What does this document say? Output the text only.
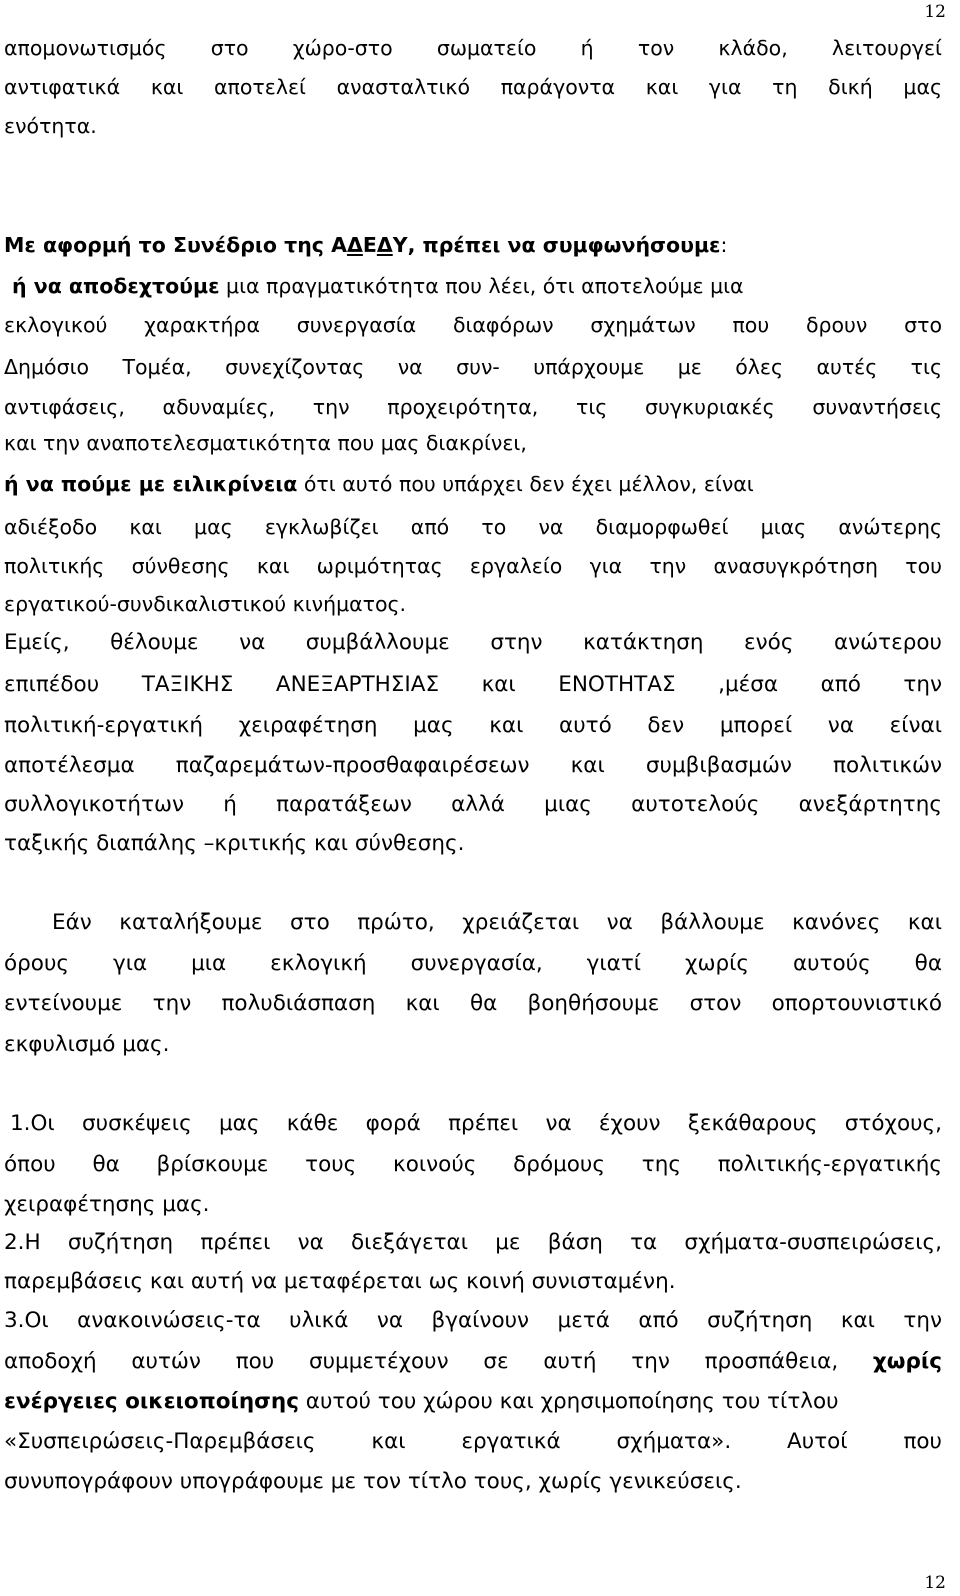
12
απομονωτισμός στο χώρο-στο σωματείο ή τον κλάδο, λειτουργεί
αντιφατικά και αποτελεί ανασταλτικό παράγοντα και για τη δική μας
ενότητα.
Με αφορμή το Συνέδριο της ΑΔΕΔΥ, πρέπει να συμφωνήσουμε:
ή να αποδεχτούμε μια πραγματικότητα που λέει, ότι αποτελούμε μια
εκλογικού χαρακτήρα συνεργασία διαφόρων σχημάτων που δρουν στο
Δημόσιο Τομέα, συνεχίζοντας να συν- υπάρχουμε με όλες αυτές τις
αντιφάσεις, αδυναμίες, την προχειρότητα, τις συγκυριακές συναντήσεις
και την αναποτελεσματικότητα που μας διακρίνει,
ή να πούμε με ειλικρίνεια ότι αυτό που υπάρχει δεν έχει μέλλον, είναι
αδιέξοδο και μας εγκλωβίζει από το να διαμορφωθεί μιας ανώτερης
πολιτικής σύνθεσης και ωριμότητας εργαλείο για την ανασυγκρότηση του
εργατικού-συνδικαλιστικού κινήματος.
Εμείς, θέλουμε να συμβάλλουμε στην κατάκτηση ενός ανώτερου
επιπέδου ΤΑΞΙΚΗΣ ΑΝΕΞΑΡΤΗΣΙΑΣ και ΕΝΟΤΗΤΑΣ ,μέσα από την
πολιτική-εργατική χειραφέτηση μας και αυτό δεν μπορεί να είναι
αποτέλεσμα παζαρεμάτων-προσθαφαιρέσεων και συμβιβασμών πολιτικών
συλλογικοτήτων ή παρατάξεων αλλά μιας αυτοτελούς ανεξάρτητης
ταξικής διαπάλης –κριτικής και σύνθεσης.
Εάν καταλήξουμε στο πρώτο, χρειάζεται να βάλλουμε κανόνες και
όρους για μια εκλογική συνεργασία, γιατί χωρίς αυτούς θα
εντείνουμε την πολυδιάσπαση και θα βοηθήσουμε στον οπορτουνιστικό
εκφυλισμό μας.
1.Οι συσκέψεις μας κάθε φορά πρέπει να έχουν ξεκάθαρους στόχους,
όπου θα βρίσκουμε τους κοινούς δρόμους της πολιτικής-εργατικής
χειραφέτησης μας.
2.Η συζήτηση πρέπει να διεξάγεται με βάση τα σχήματα-συσπειρώσεις,
παρεμβάσεις και αυτή να μεταφέρεται ως κοινή συνισταμένη.
3.Οι ανακοινώσεις-τα υλικά να βγαίνουν μετά από συζήτηση και την
αποδοχή αυτών που συμμετέχουν σε αυτή την προσπάθεια, χωρίς
ενέργειες οικειοποίησης αυτού του χώρου και χρησιμοποίησης του τίτλου
«Συσπειρώσεις-Παρεμβάσεις και εργατικά σχήματα». Αυτοί που
συνυπογράφουν υπογράφουμε με τον τίτλο τους, χωρίς γενικεύσεις.
12
